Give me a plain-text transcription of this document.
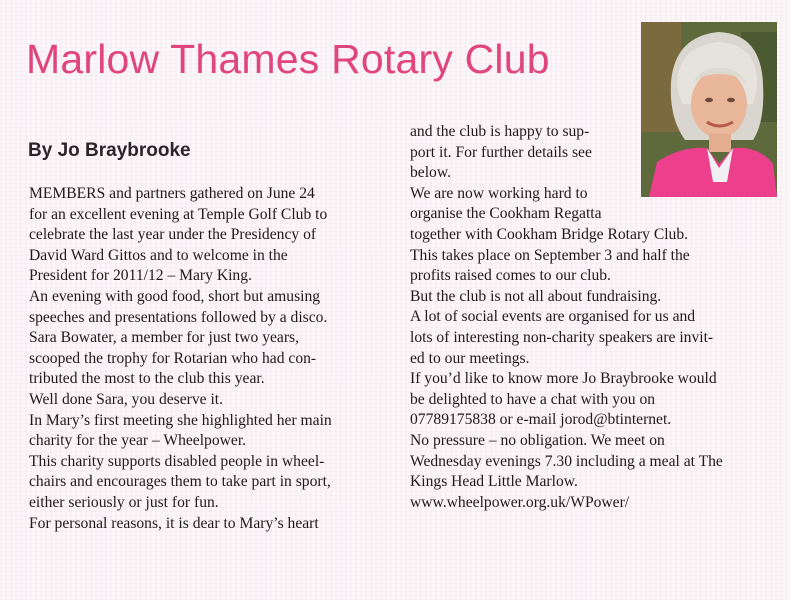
Marlow Thames Rotary Club
By Jo Braybrooke
MEMBERS and partners gathered on June 24
for an excellent evening at Temple Golf Club to
celebrate the last year under the Presidency of
David Ward Gittos and to welcome in the
President for 2011/12 – Mary King.
An evening with good food, short but amusing
speeches and presentations followed by a disco.
Sara Bowater, a member for just two years,
scooped the trophy for Rotarian who had con-
tributed the most to the club this year.
Well done Sara, you deserve it.
In Mary’s first meeting she highlighted her main
charity for the year – Wheelpower.
This charity supports disabled people in wheel-
chairs and encourages them to take part in sport,
either seriously or just for fun.
For personal reasons, it is dear to Mary’s heart
and the club is happy to sup-
port it. For further details see
below.
We are now working hard to
organise the Cookham Regatta
together with Cookham Bridge Rotary Club.
This takes place on September 3 and half the
profits raised comes to our club.
But the club is not all about fundraising.
A lot of social events are organised for us and
lots of interesting non-charity speakers are invit-
ed to our meetings.
If you’d like to know more Jo Braybrooke would
be delighted to have a chat with you on
07789175838 or e-mail jorod@btinternet.
No pressure – no obligation. We meet on
Wednesday evenings 7.30 including a meal at The
Kings Head Little Marlow.
www.wheelpower.org.uk/WPower/
